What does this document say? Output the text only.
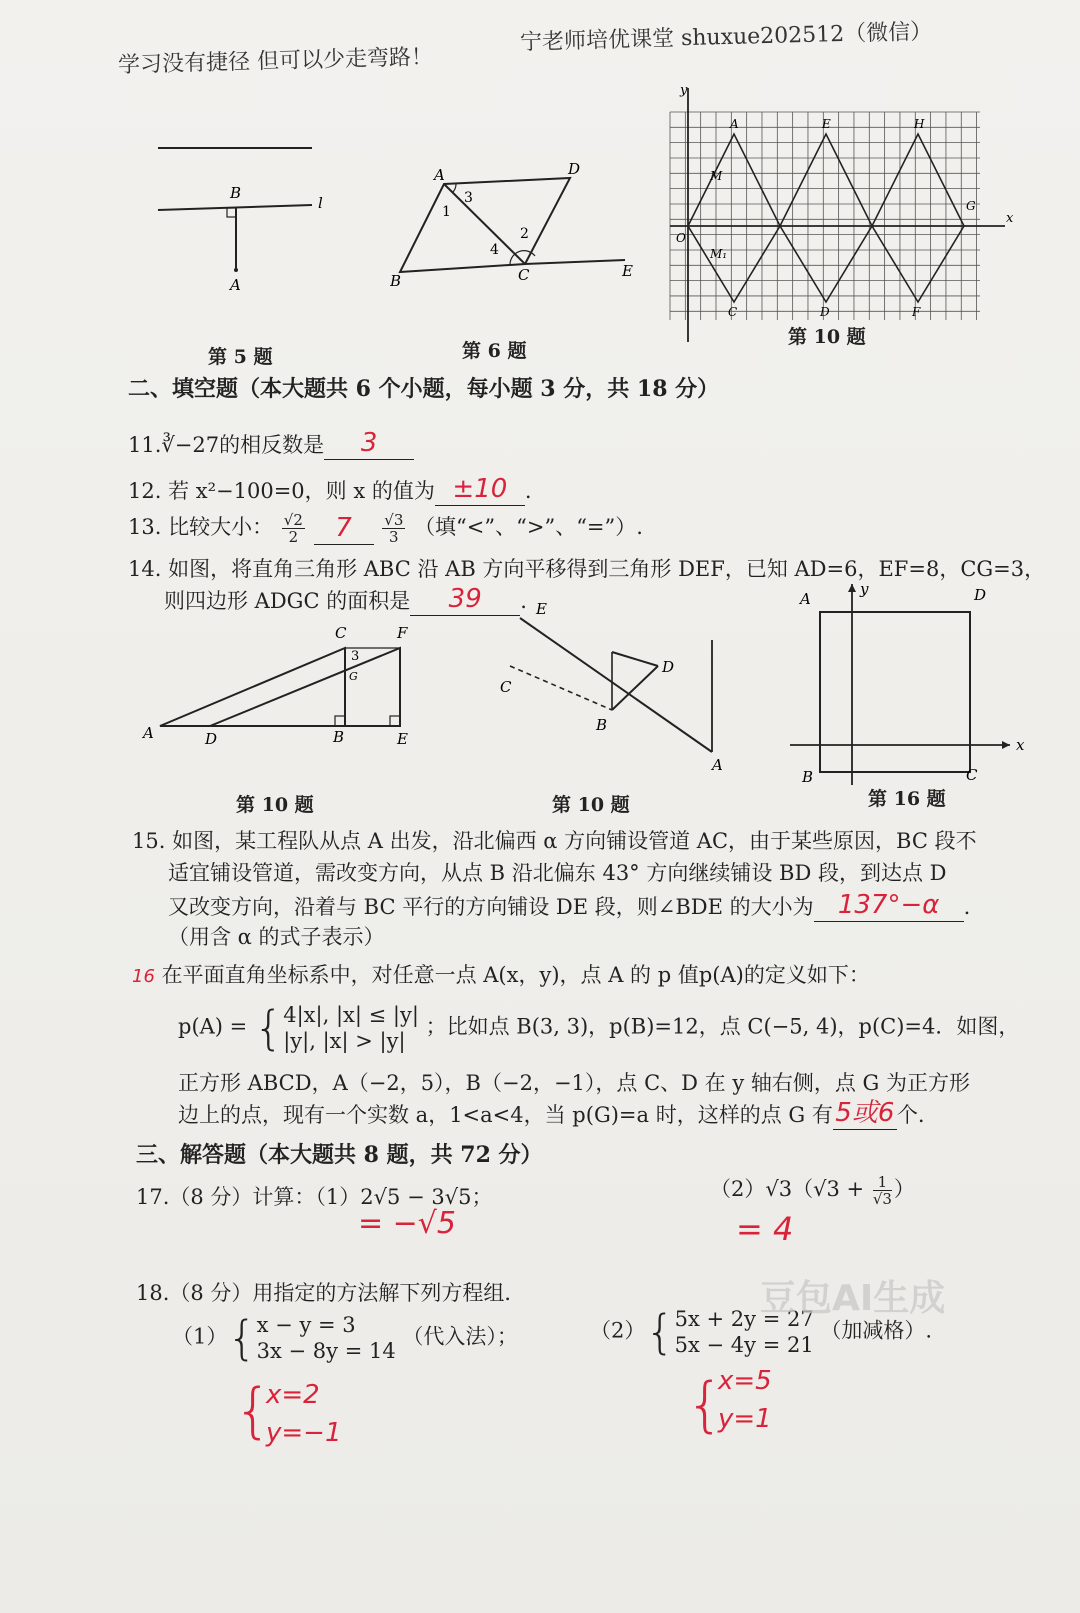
学习没有捷径 但可以少走弯路！
宁老师培优课堂 shuxue202512（微信）
B
l
A
第 5 题
A	D
B	C	E
1
2
3
4
第 6 题
y
x
O
A	E	H
M
M₁
G
C	D	F
第 10 题
二、填空题（本大题共 6 个小题，每小题 3 分，共 18 分）
11.∛−27的相反数是 3
12. 若 x²−100=0，则 x 的值为 ±10 .
13. 比较大小： $\frac{√2}{2} 7 \frac{√3}{3}$ （填“<”、“>”、“=”）.
14. 如图，将直角三角形 ABC 沿 AB 方向平移得到三角形 DEF，已知 AD=6，EF=8，CG=3，
则四边形 ADGC 的面积是 39 .
A	D	B	E
C	F
3
G
第 10 题
E
D
C
B
A
第 10 题
A	D
B	C
x
y
第 16 题
15. 如图，某工程队从点 A 出发，沿北偏西 α 方向铺设管道 AC，由于某些原因，BC 段不
适宜铺设管道，需改变方向，从点 B 沿北偏东 43° 方向继续铺设 BD 段，到达点 D
又改变方向，沿着与 BC 平行的方向铺设 DE 段，则∠BDE 的大小为 137°−α .
（用含 α 的式子表示）
16 在平面直角坐标系中，对任意一点 A(x，y)，点 A 的 p 值p(A)的定义如下：
p(A) = { 4|x|, |x| ≤ |y|
|y|, |x| > |y|
；比如点 B(3, 3)，p(B)=12，点 C(−5, 4)，p(C)=4．如图，
正方形 ABCD，A（−2，5），B（−2，−1），点 C、D 在 y 轴右侧，点 G 为正方形
边上的点，现有一个实数 a，1<a<4，当 p(G)=a 时，这样的点 G 有5或6 个.
三、解答题（本大题共 8 题，共 72 分）
17.（8 分）计算：（1）2√5 − 3√5；	$(2)√3(√3 + \frac{1}{√3}$ ）
= −√5	= 4
18.（8 分）用指定的方法解下列方程组．
（1）{ x − y = 3
3x − 8y = 14
（代入法）；	（2）{ 5x + 2y = 27
5x − 4y = 21
（加减格）.
{
x=2
y=−1	{
x=5
y=1
豆包AI生成
